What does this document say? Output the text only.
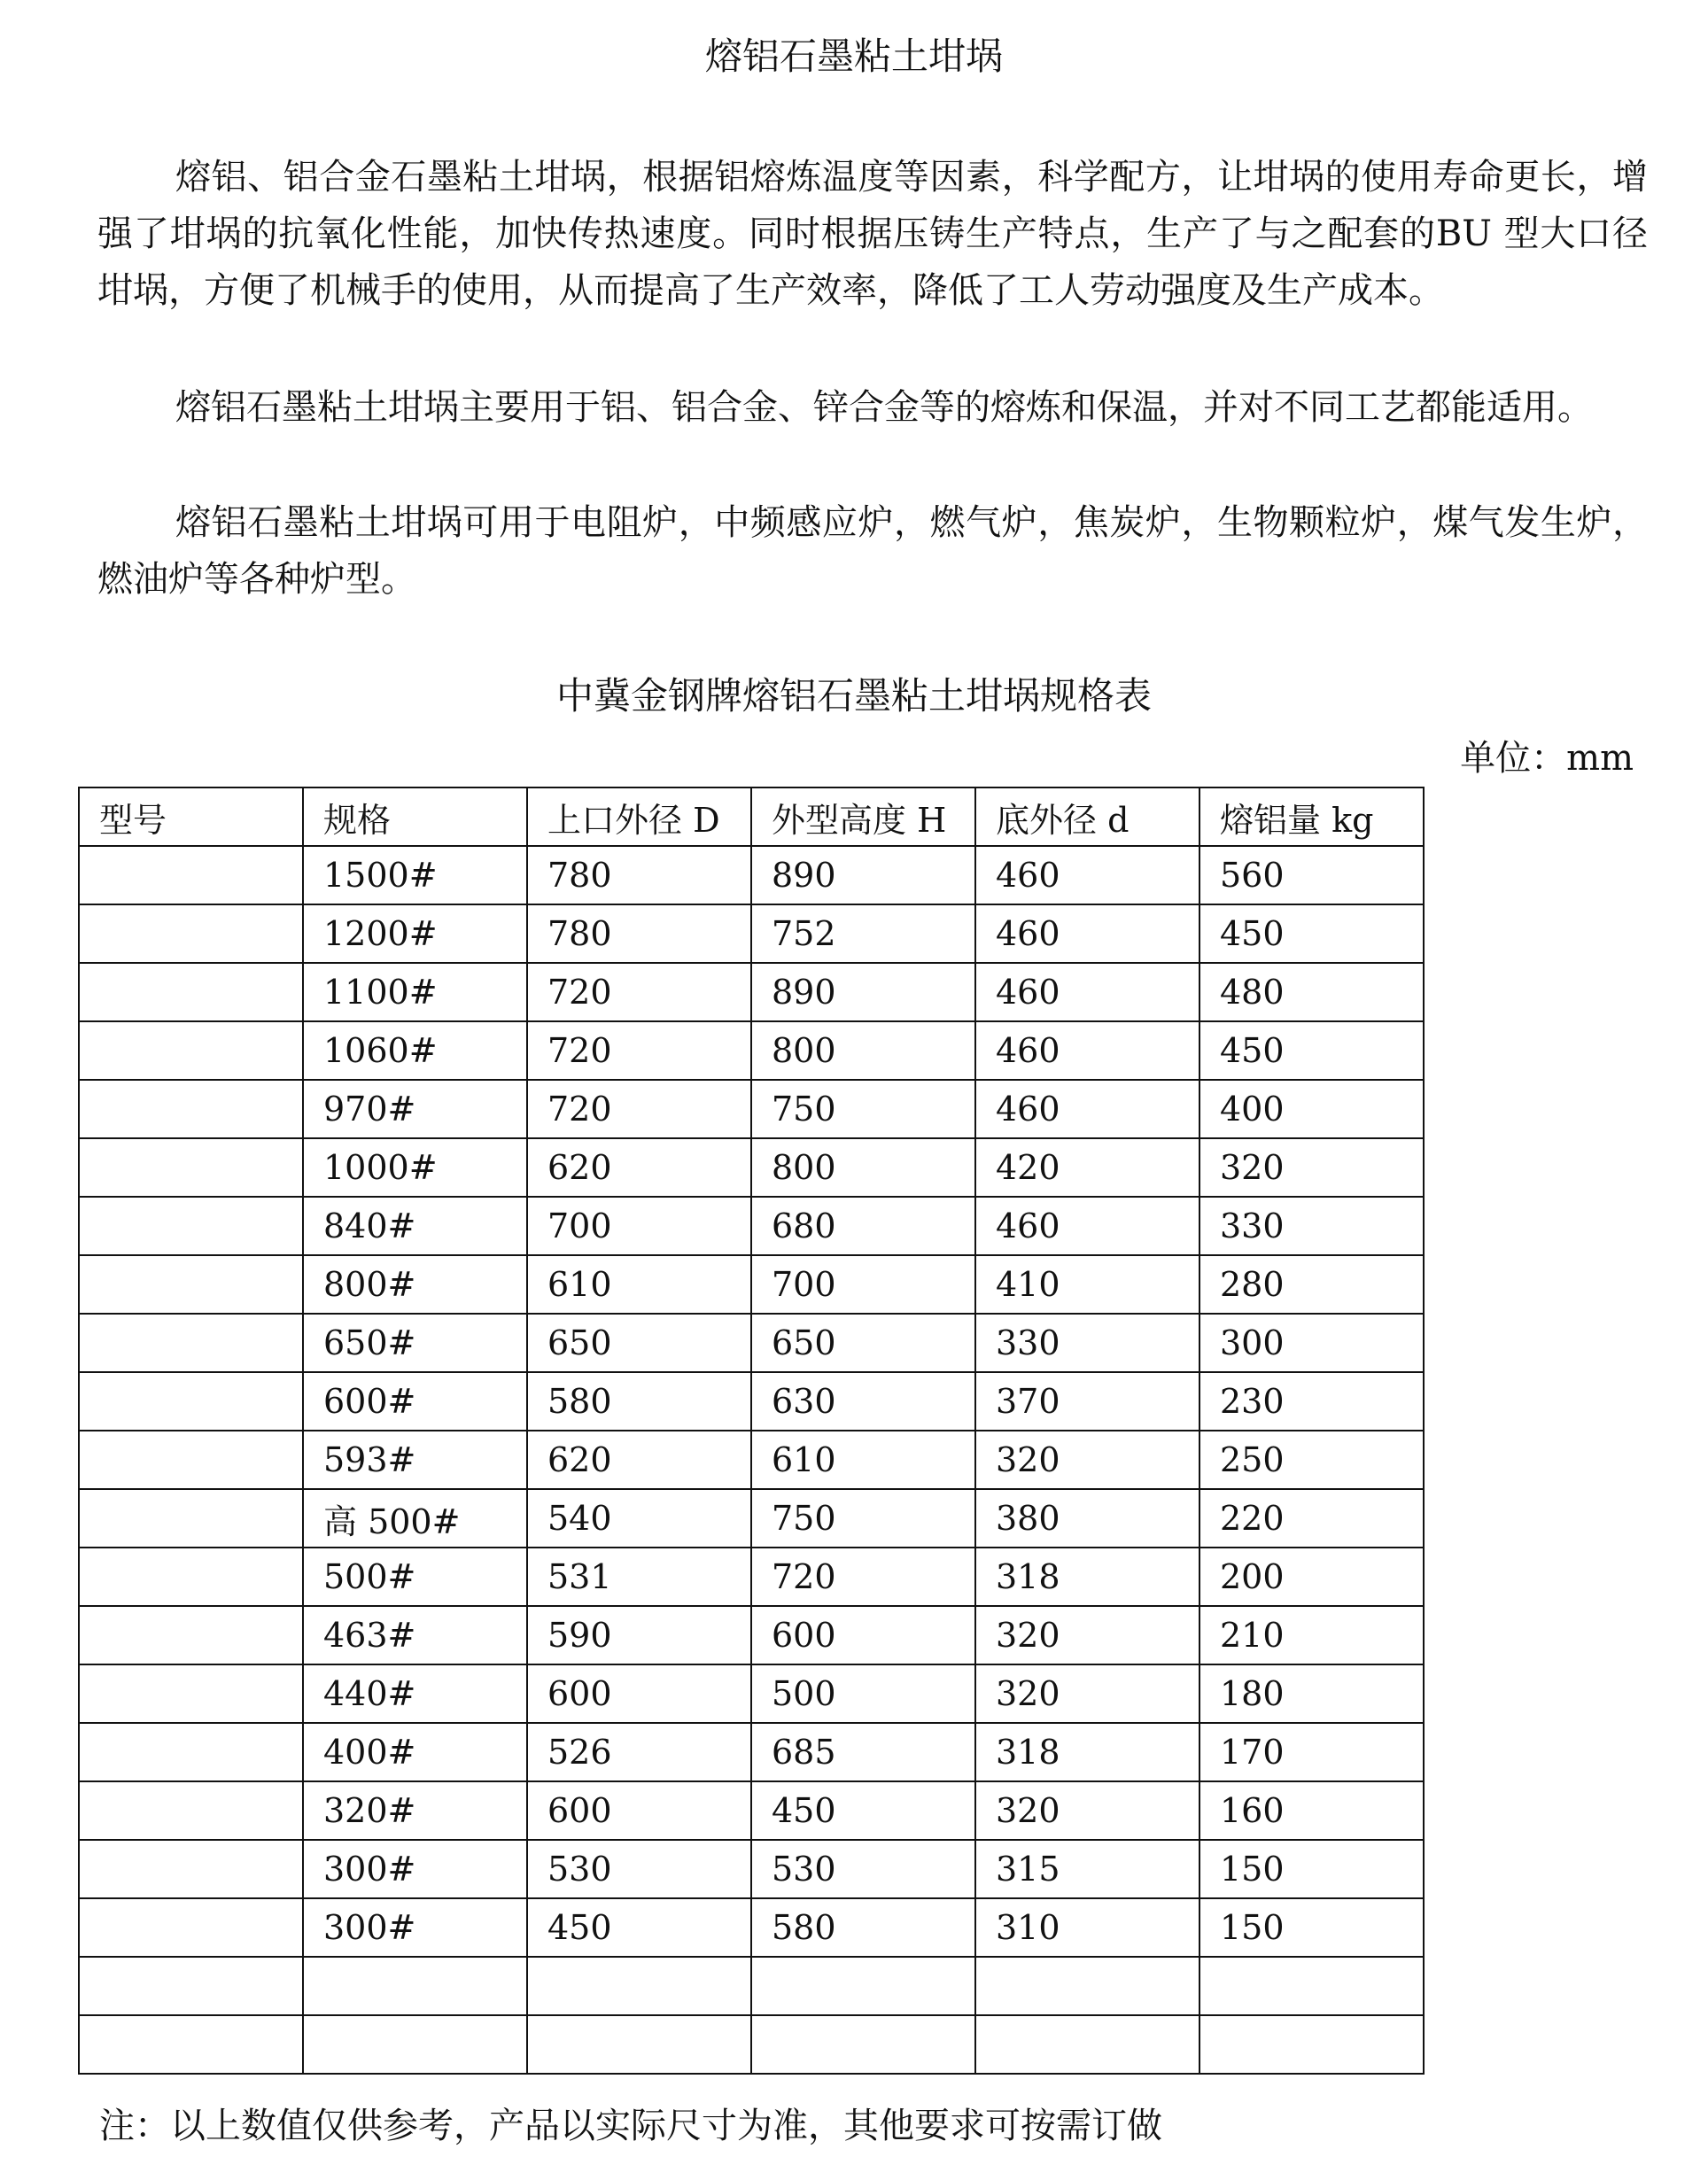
熔铝石墨粘土坩埚

熔铝、铝合金石墨粘土坩埚，根据铝熔炼温度等因素，科学配方，让坩埚的使用寿命更长，增强了坩埚的抗氧化性能，加快传热速度。同时根据压铸生产特点，生产了与之配套的BU 型大口径坩埚，方便了机械手的使用，从而提高了生产效率，降低了工人劳动强度及生产成本。

熔铝石墨粘土坩埚主要用于铝、铝合金、锌合金等的熔炼和保温，并对不同工艺都能适用。

熔铝石墨粘土坩埚可用于电阻炉，中频感应炉，燃气炉，焦炭炉，生物颗粒炉，煤气发生炉，燃油炉等各种炉型。

中冀金钢牌熔铝石墨粘土坩埚规格表
单位：mm
型号	规格	上口外径 D	外型高度 H	底外径 d	熔铝量 kg
	1500#	780	890	460	560
	1200#	780	752	460	450
	1100#	720	890	460	480
	1060#	720	800	460	450
	970#	720	750	460	400
	1000#	620	800	420	320
	840#	700	680	460	330
	800#	610	700	410	280
	650#	650	650	330	300
	600#	580	630	370	230
	593#	620	610	320	250
	高 500#	540	750	380	220
	500#	531	720	318	200
	463#	590	600	320	210
	440#	600	500	320	180
	400#	526	685	318	170
	320#	600	450	320	160
	300#	530	530	315	150
	300#	450	580	310	150

注：以上数值仅供参考，产品以实际尺寸为准，其他要求可按需订做
